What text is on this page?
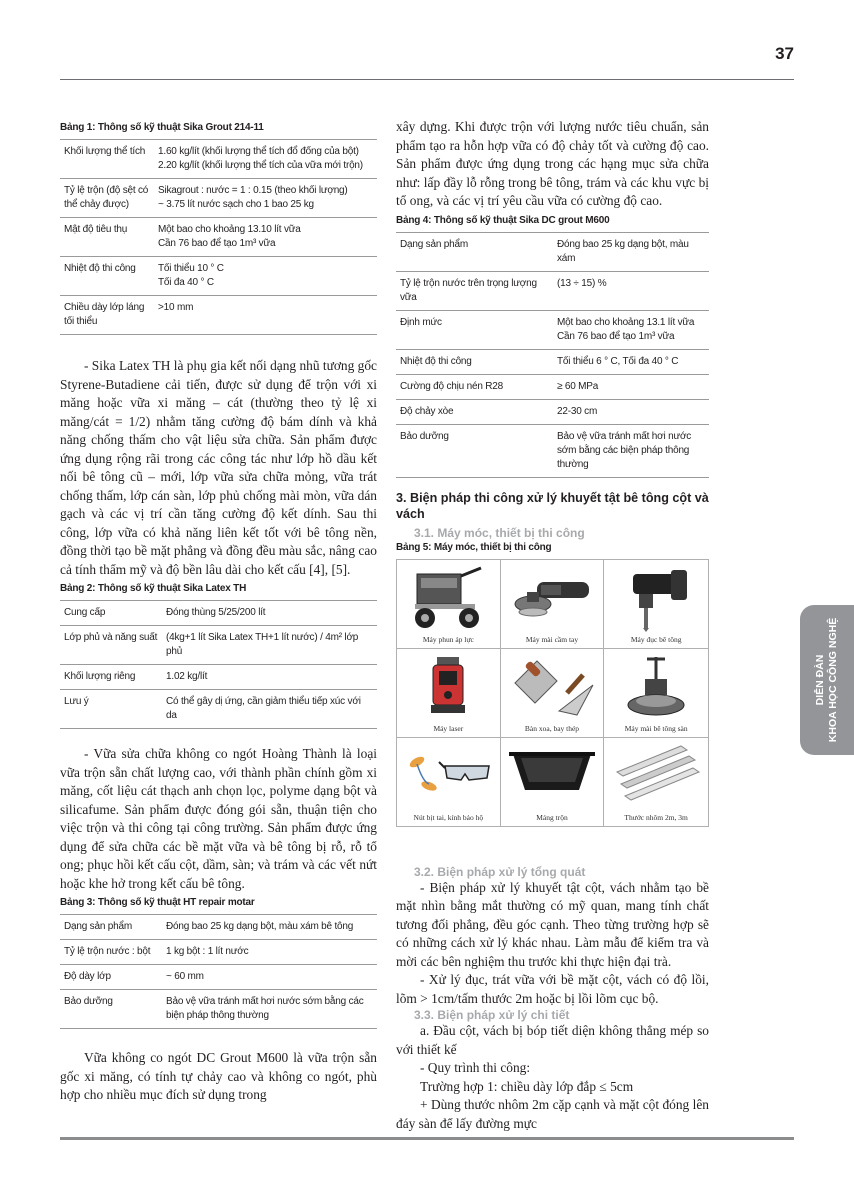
37
DIỄN ĐÀN KHOA HỌC CÔNG NGHỆ
Bảng 1: Thông số kỹ thuật Sika Grout 214-11
Khối lượng thể tích	1.60 kg/lít (khối lượng thể tích đổ đống của bột)
2.20 kg/lít (khối lượng thể tích của vữa mới trộn)

Tỷ lệ trộn (độ sệt có thể chảy được)	Sikagrout : nước = 1 : 0.15 (theo khối lượng)
~ 3.75 lít nước sạch cho 1 bao 25 kg

Mật độ tiêu thụ	Một bao cho khoảng 13.10 lít vữa
Cần 76 bao để tạo 1m³ vữa

Nhiệt độ thi công	Tối thiểu 10 ° C
Tối đa 40 ° C

Chiều dày lớp láng tối thiểu	>10 mm

- Sika Latex TH là phụ gia kết nối dạng nhũ tương gốc Styrene-Butadiene cải tiến, được sử dụng để trộn với xi măng hoặc vữa xi măng – cát (thường theo tỷ lệ xi măng/cát = 1/2) nhằm tăng cường độ bám dính và khả năng chống thấm cho vật liệu sửa chữa. Sản phẩm được ứng dụng rộng rãi trong các công tác như lớp hồ dầu kết nối bê tông cũ – mới, lớp vữa sửa chữa mỏng, vữa trát chống thấm, lớp cán sàn, lớp phủ chống mài mòn, vữa dán gạch và các vị trí cần tăng cường độ kết dính. Sau thi công, lớp vữa có khả năng liên kết tốt với bê tông nền, đồng thời tạo bề mặt phẳng và đồng đều màu sắc, nâng cao cả tính thẩm mỹ và độ bền lâu dài cho kết cấu [4], [5].

Bảng 2: Thông số kỹ thuật Sika Latex TH
Cung cấp	Đóng thùng 5/25/200 lít
Lớp phủ và năng suất	(4kg+1 lít Sika Latex TH+1 lít nước) / 4m² lớp phủ
Khối lượng riêng	1.02 kg/lít
Lưu ý	Có thể gây dị ứng, cần giảm thiểu tiếp xúc với da

- Vữa sửa chữa không co ngót Hoàng Thành là loại vữa trộn sẵn chất lượng cao, với thành phần chính gồm xi măng, cốt liệu cát thạch anh chọn lọc, polyme dạng bột và silicafume. Sản phẩm được đóng gói sẵn, thuận tiện cho việc trộn và thi công tại công trường. Sản phẩm được ứng dụng để sửa chữa các bề mặt vữa và bê tông bị rỗ, rỗ tổ ong; phục hồi kết cấu cột, dầm, sàn; và trám và các vết nứt hoặc khe hở trong kết cấu bê tông.

Bảng 3: Thông số kỹ thuật HT repair motar
Dạng sản phẩm	Đóng bao 25 kg dạng bột, màu xám bê tông
Tỷ lệ trộn nước : bột	1 kg bột : 1 lít nước
Độ dày lớp	~ 60 mm
Bảo dưỡng	Bảo vệ vữa tránh mất hơi nước sớm bằng các biện pháp thông thường

Vữa không co ngót DC Grout M600 là vữa trộn sẵn gốc xi măng, có tính tự chảy cao và không co ngót, phù hợp cho nhiều mục đích sử dụng trong

xây dựng. Khi được trộn với lượng nước tiêu chuẩn, sản phẩm tạo ra hỗn hợp vữa có độ chảy tốt và cường độ cao. Sản phẩm được ứng dụng trong các hạng mục sửa chữa như: lấp đầy lỗ rỗng trong bê tông, trám và các khu vực bị tổ ong, và các vị trí yêu cầu vữa có cường độ cao.

Bảng 4: Thông số kỹ thuật Sika DC grout M600
Dạng sản phẩm	Đóng bao 25 kg dạng bột, màu xám

Tỷ lệ trộn nước trên trọng lượng vữa	(13 ÷ 15) %

Định mức	Một bao cho khoảng 13.1 lít vữa
Cần 76 bao để tạo 1m³ vữa

Nhiệt độ thi công	Tối thiểu 6 ° C, Tối đa 40 ° C

Cường độ chịu nén R28	≥ 60 MPa

Độ chảy xòe	22-30 cm

Bảo dưỡng	Bảo vệ vữa tránh mất hơi nước sớm bằng các biện pháp thông thường
3. Biện pháp thi công xử lý khuyết tật bê tông cột và vách
3.1. Máy móc, thiết bị thi công
Bảng 5: Máy móc, thiết bị thi công
Máy phun áp lực	Máy mài cầm tay	Máy đục bê tông
Máy laser	Bàn xoa, bay thép	Máy mài bê tông sàn
Nút bịt tai, kính bảo hộ	Máng trộn	Thước nhôm 2m, 3m
3.2. Biện pháp xử lý tổng quát

- Biện pháp xử lý khuyết tật cột, vách nhằm tạo bề mặt nhìn bằng mắt thường có mỹ quan, mang tính chất tương đối phẳng, đều góc cạnh. Theo từng trường hợp sẽ có những cách xử lý khác nhau. Làm mẫu để kiểm tra và mời các bên nghiệm thu trước khi thực hiện đại trà.

- Xử lý đục, trát vữa với bề mặt cột, vách có độ lồi, lõm > 1cm/tấm thước 2m hoặc bị lồi lõm cục bộ.

3.3. Biện pháp xử lý chi tiết

a. Đầu cột, vách bị bóp tiết diện không thẳng mép so với thiết kế

- Quy trình thi công:

Trường hợp 1: chiều dày lớp đắp ≤ 5cm

+ Dùng thước nhôm 2m cặp cạnh và mặt cột đóng lên đáy sàn để lấy đường mực
